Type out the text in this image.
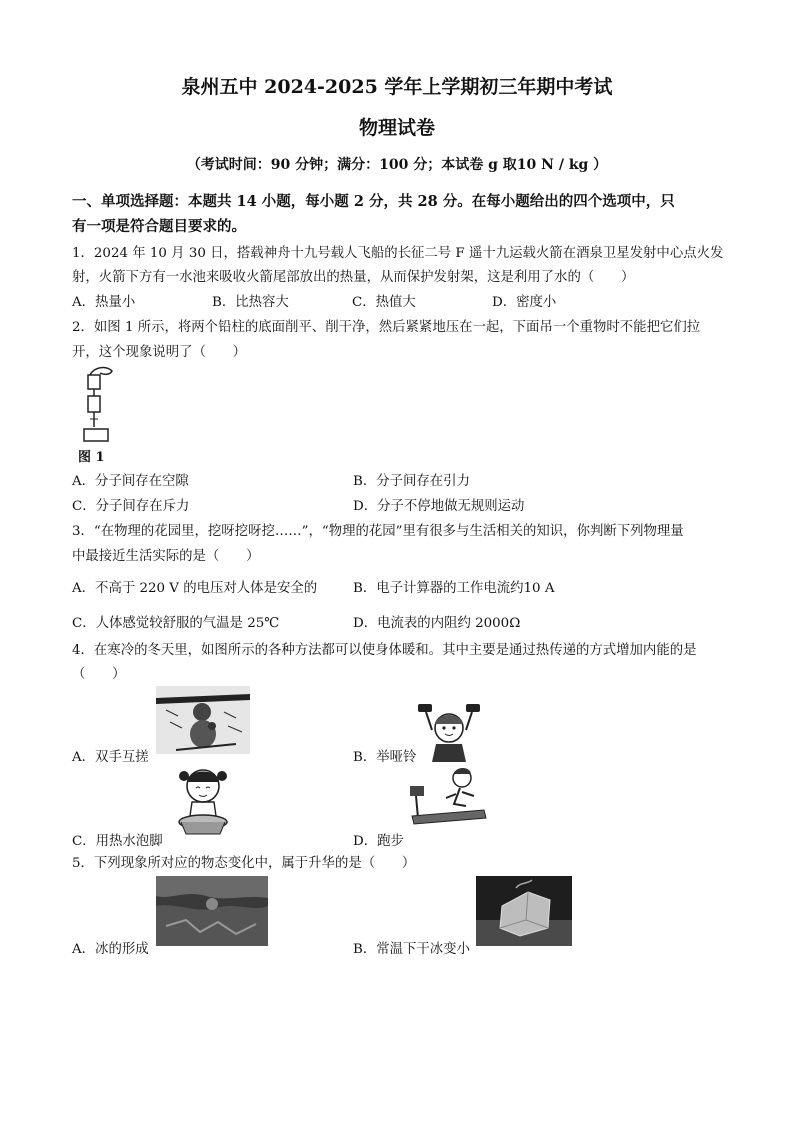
泉州五中 2024-2025 学年上学期初三年期中考试
物理试卷
（考试时间：90 分钟；满分：100 分；本试卷 g 取10 N / kg ）
一、单项选择题：本题共 14 小题，每小题 2 分，共 28 分。在每小题给出的四个选项中，只
有一项是符合题目要求的。
1．2024 年 10 月 30 日，搭载神舟十九号载人飞船的长征二号 F 遥十九运载火箭在酒泉卫星发射中心点火发
射，火箭下方有一水池来吸收火箭尾部放出的热量，从而保护发射架，这是利用了水的（　　）
A．热量小	B．比热容大	C．热值大	D．密度小
2．如图 1 所示，将两个铅柱的底面削平、削干净，然后紧紧地压在一起，下面吊一个重物时不能把它们拉
开，这个现象说明了（　　）
图 1
A．分子间存在空隙	B．分子间存在引力
C．分子间存在斥力	D．分子不停地做无规则运动
3．“在物理的花园里，挖呀挖呀挖……”，“物理的花园”里有很多与生活相关的知识，你判断下列物理量
中最接近生活实际的是（　　）
A．不高于 220 V 的电压对人体是安全的	B．电子计算器的工作电流约10 A
C．人体感觉较舒服的气温是 25℃	D．电流表的内阻约 2000Ω
4．在寒冷的冬天里，如图所示的各种方法都可以使身体暖和。其中主要是通过热传递的方式增加内能的是
（　　）
A．双手互搓	B．举哑铃
C．用热水泡脚	D．跑步
5．下列现象所对应的物态变化中，属于升华的是（　　）
A．冰的形成	B．常温下干冰变小
